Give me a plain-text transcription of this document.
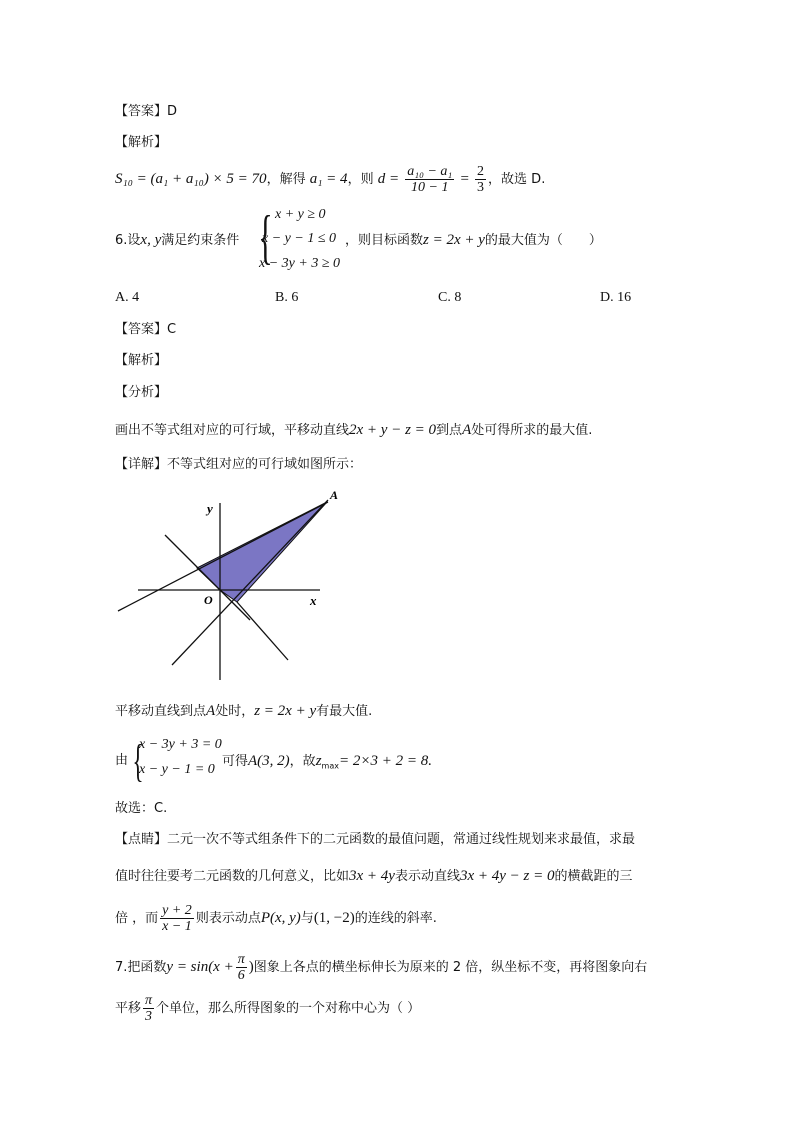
【答案】D
【解析】
S₁₀ = (a₁ + a₁₀) × 5 = 70，解得 a₁ = 4，则 $d = \frac{\text{a₁₀ − a₁}}{10 - 1} = \frac{2}{3}$ ，故选 D.
6.设x, y满足约束条件 { x + y ≥ 0
x − y − 1 ≤ 0
x − 3y + 3 ≥ 0
，则目标函数z = 2x + y的最大值为（　　）
A. 4	B. 6	C. 8	D. 16
【答案】C
【解析】
【分析】
画出不等式组对应的可行域，平移动直线2x + y − z = 0到点A处可得所求的最大值.
【详解】不等式组对应的可行域如图所示：
y
x
O
A
平移动直线到点A处时，z = 2x + y有最大值.
由 {
x − 3y + 3 = 0
x − y − 1 = 0
可得A(3, 2)，故$z_{max}= 2\times 3 + 2 = 8$.
故选：C.
【点睛】二元一次不等式组条件下的二元函数的最值问题，常通过线性规划来求最值，求最
值时往往要考二元函数的几何意义，比如3x + 4y表示动直线3x + 4y − z = 0的横截距的三
倍 ，而 $\frac{y + 2}{x - 1}$ 则表示动点P(x, y)与(1, −2)的连线的斜率.
7.把函数$y = \sin(x + \frac{\pi}{6}$ )图象上各点的横坐标伸长为原来的 2 倍，纵坐标不变，再将图象向右
平移 $\frac{\pi}{3}$ 个单位，那么所得图象的一个对称中心为（ ）
